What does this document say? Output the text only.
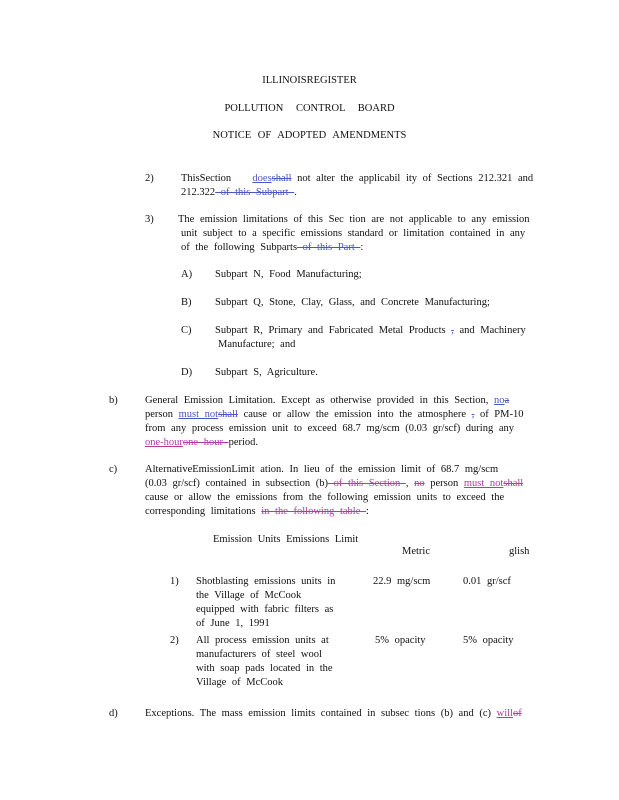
ILLINOISREGISTER
POLLUTION CONTROL BOARD
NOTICE OF ADOPTED AMENDMENTS
2)	ThisSection doesshall not alter the applicabil ity of Sections 212.321 and
212.322 of this Subpart .
3) The emission limitations of this Sec tion are not applicable to any emission
unit subject to a specific emissions standard or limitation contained in any
of the following Subparts of this Part :
A) Subpart N, Food Manufacturing;
B) Subpart Q, Stone, Clay, Glass, and Concrete Manufacturing;
C) Subpart R, Primary and Fabricated Metal Products , and Machinery
Manufacture; and
D) Subpart S, Agriculture.
b)	General Emission Limitation. Except as otherwise provided in this Section, noa
person must notshall cause or allow the emission into the atmosphere , of PM-10
from any process emission unit to exceed 68.7 mg/scm (0.03 gr/scf) during any
one-hourone hour period.
c)	AlternativeEmissionLimit ation. In lieu of the emission limit of 68.7 mg/scm
(0.03 gr/scf) contained in subsection (b) of this Section , no person must notshall
cause or allow the emissions from the following emission units to exceed the
corresponding limitations in the following table :
Emission Units Emissions Limit
Metric	glish
1) Shotblasting emissions units in
the Village of McCook
equipped with fabric filters as
of June 1, 1991
22.9 mg/scm	0.01 gr/scf
2) All process emission units at
manufacturers of steel wool
with soap pads located in the
Village of McCook
5% opacity	5% opacity
d)	Exceptions. The mass emission limits contained in subsec tions (b) and (c) willof
